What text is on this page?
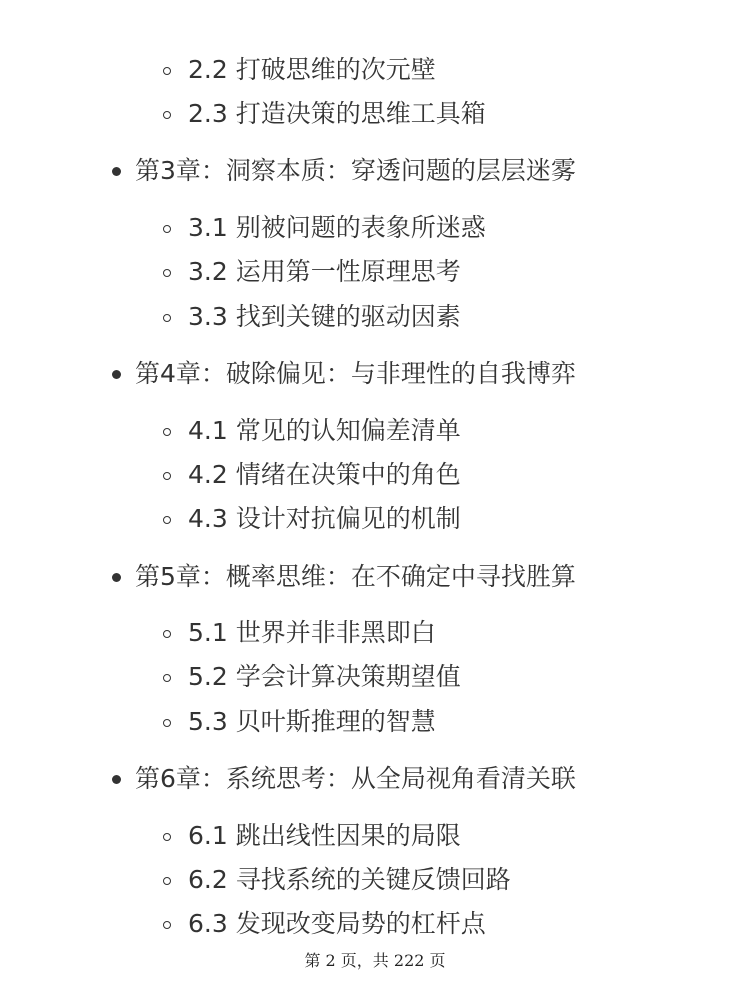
2.2 打破思维的次元壁
2.3 打造决策的思维工具箱
第3章：洞察本质：穿透问题的层层迷雾
3.1 别被问题的表象所迷惑
3.2 运用第一性原理思考
3.3 找到关键的驱动因素
第4章：破除偏见：与非理性的自我博弈
4.1 常见的认知偏差清单
4.2 情绪在决策中的角色
4.3 设计对抗偏见的机制
第5章：概率思维：在不确定中寻找胜算
5.1 世界并非非黑即白
5.2 学会计算决策期望值
5.3 贝叶斯推理的智慧
第6章：系统思考：从全局视角看清关联
6.1 跳出线性因果的局限
6.2 寻找系统的关键反馈回路
6.3 发现改变局势的杠杆点
第 2 页，共 222 页
